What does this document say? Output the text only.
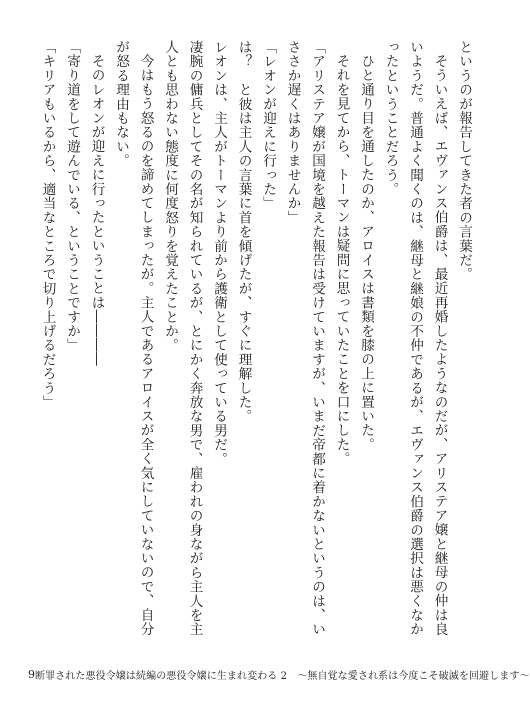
というのが報告してきた者の言葉だ。

そういえば、エヴァンス伯爵は、最近再婚したようなのだが、アリステア嬢と継母の仲は良いようだ。普通よく聞くのは、継母と継娘の不仲であるが、エヴァンス伯爵の選択は悪くなかったということだろう。

ひと通り目を通したのか、アロイスは書類を膝の上に置いた。

それを見てから、トーマンは疑問に思っていたことを口にした。

「アリステア嬢が国境を越えた報告は受けていますが、いまだ帝都に着かないというのは、いささか遅くはありませんか」

「レオンが迎えに行った」

は？　と彼は主人の言葉に首を傾げたが、すぐに理解した。

レオンは、主人がトーマンより前から護衛として使っている男だ。

凄腕の傭兵としてその名が知られているが、とにかく奔放な男で、雇われの身ながら主人を主人とも思わない態度に何度怒りを覚えたことか。

今はもう怒るのを諦めてしまったが。主人であるアロイスが全く気にしていないので、自分が怒る理由もない。

そのレオンが迎えに行ったということは――――

「寄り道をして遊んでいる、ということですか」

「キリアもいるから、適当なところで切り上げるだろう」

9 断罪された悪役令嬢は続編の悪役令嬢に生まれ変わる 2　～無自覚な愛され系は今度こそ破滅を回避します～
